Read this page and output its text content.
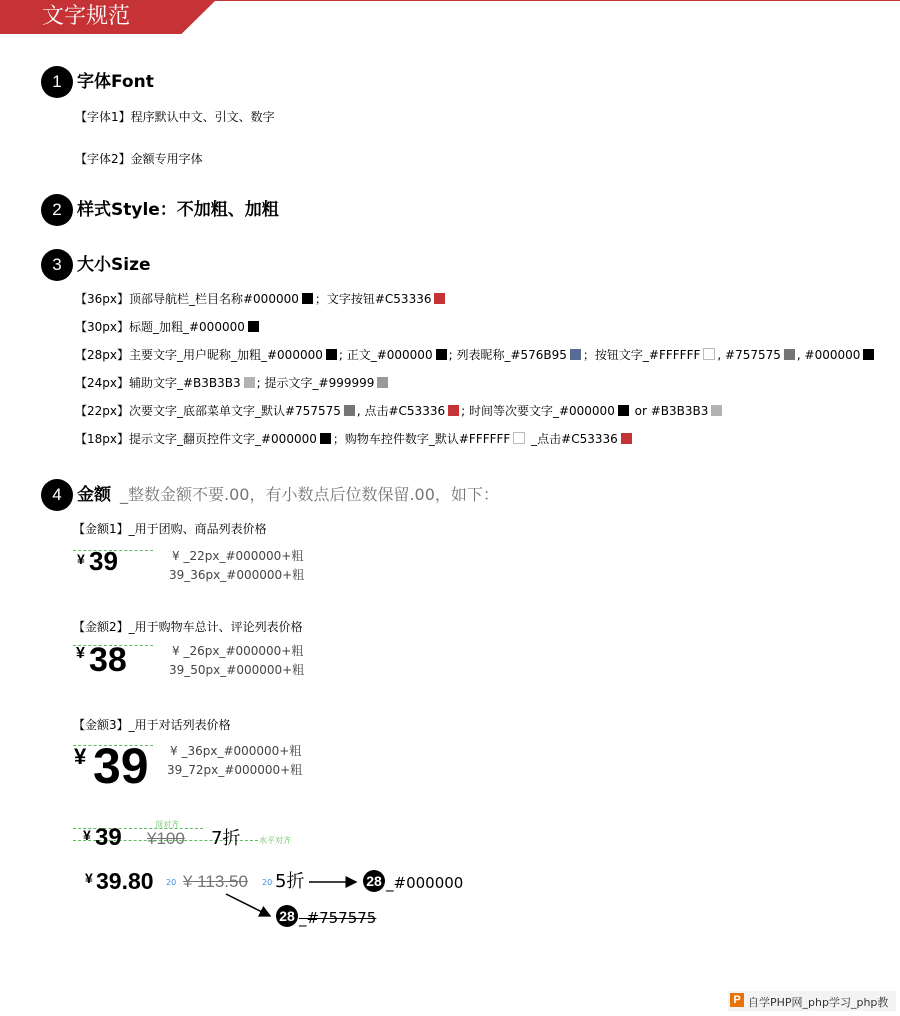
文字规范
1 字体Font
【字体1】程序默认中文、引文、数字
【字体2】金额专用字体
2 样式Style：不加粗、加粗
3 大小Size
【36px】顶部导航栏_栏目名称#000000 ；文字按钮#C53336
【30px】标题_加粗_#000000
【28px】主要文字_用户昵称_加粗_#000000 ; 正文_#000000 ; 列表昵称_#576B95 ；按钮文字_#FFFFFF , #757575 , #000000
【24px】辅助文字_#B3B3B3 ; 提示文字_#999999
【22px】次要文字_底部菜单文字_默认#757575 , 点击#C53336 ; 时间等次要文字_#000000 or #B3B3B3
【18px】提示文字_翻页控件文字_#000000 ；购物车控件数字_默认#FFFFFF _点击#C53336
4 金额 _整数金额不要.00，有小数点后位数保留.00，如下：
【金额1】_用于团购、商品列表价格
¥ 39	¥ _22px_#000000+粗
39_36px_#000000+粗
【金额2】_用于购物车总计、评论列表价格
¥ 38	¥ _26px_#000000+粗
39_50px_#000000+粗
【金额3】_用于对话列表价格
¥ 39 ¥ _36px_#000000+粗
39_72px_#000000+粗
顶对齐
水平对齐
¥ 39 ¥100 7折
¥ 39.80 20 ¥ 113.50 20 5折	28 _#000000
28 _#757575
P 自学PHP网_php学习_php教
